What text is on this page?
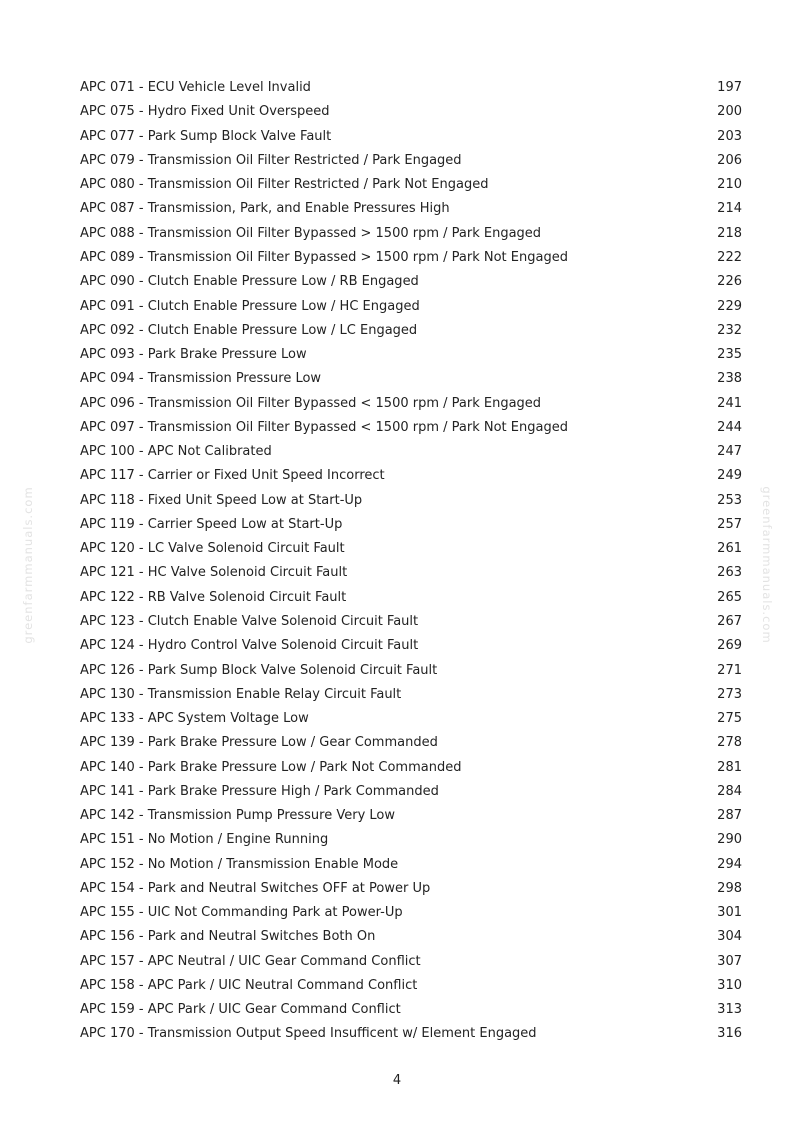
greenfarmmanuals.com	greenfarmmanuals.com
APC 071 - ECU Vehicle Level Invalid	197
APC 075 - Hydro Fixed Unit Overspeed	200
APC 077 - Park Sump Block Valve Fault	203
APC 079 - Transmission Oil Filter Restricted / Park Engaged	206
APC 080 - Transmission Oil Filter Restricted / Park Not Engaged	210
APC 087 - Transmission, Park, and Enable Pressures High	214
APC 088 - Transmission Oil Filter Bypassed > 1500 rpm / Park Engaged	218
APC 089 - Transmission Oil Filter Bypassed > 1500 rpm / Park Not Engaged	222
APC 090 - Clutch Enable Pressure Low / RB Engaged	226
APC 091 - Clutch Enable Pressure Low / HC Engaged	229
APC 092 - Clutch Enable Pressure Low / LC Engaged	232
APC 093 - Park Brake Pressure Low	235
APC 094 - Transmission Pressure Low	238
APC 096 - Transmission Oil Filter Bypassed < 1500 rpm / Park Engaged	241
APC 097 - Transmission Oil Filter Bypassed < 1500 rpm / Park Not Engaged	244
APC 100 - APC Not Calibrated	247
APC 117 - Carrier or Fixed Unit Speed Incorrect	249
APC 118 - Fixed Unit Speed Low at Start-Up	253
APC 119 - Carrier Speed Low at Start-Up	257
APC 120 - LC Valve Solenoid Circuit Fault	261
APC 121 - HC Valve Solenoid Circuit Fault	263
APC 122 - RB Valve Solenoid Circuit Fault	265
APC 123 - Clutch Enable Valve Solenoid Circuit Fault	267
APC 124 - Hydro Control Valve Solenoid Circuit Fault	269
APC 126 - Park Sump Block Valve Solenoid Circuit Fault	271
APC 130 - Transmission Enable Relay Circuit Fault	273
APC 133 - APC System Voltage Low	275
APC 139 - Park Brake Pressure Low / Gear Commanded	278
APC 140 - Park Brake Pressure Low / Park Not Commanded	281
APC 141 - Park Brake Pressure High / Park Commanded	284
APC 142 - Transmission Pump Pressure Very Low	287
APC 151 - No Motion / Engine Running	290
APC 152 - No Motion / Transmission Enable Mode	294
APC 154 - Park and Neutral Switches OFF at Power Up	298
APC 155 - UIC Not Commanding Park at Power-Up	301
APC 156 - Park and Neutral Switches Both On	304
APC 157 - APC Neutral / UIC Gear Command Conflict	307
APC 158 - APC Park / UIC Neutral Command Conflict	310
APC 159 - APC Park / UIC Gear Command Conflict	313
APC 170 - Transmission Output Speed Insufficent w/ Element Engaged	316
4
